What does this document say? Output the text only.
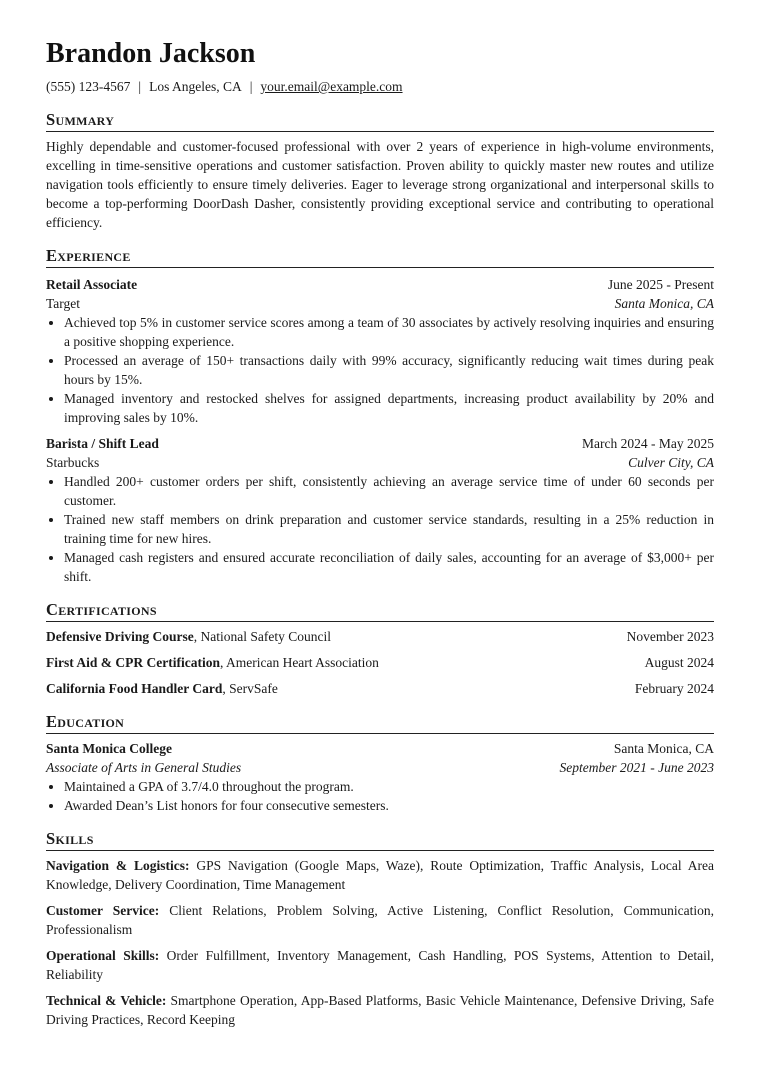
Brandon Jackson
(555) 123-4567 | Los Angeles, CA | your.email@example.com
Summary
Highly dependable and customer-focused professional with over 2 years of experience in high-volume environments, excelling in time-sensitive operations and customer satisfaction. Proven ability to quickly master new routes and utilize navigation tools efficiently to ensure timely deliveries. Eager to leverage strong organizational and interpersonal skills to become a top-performing DoorDash Dasher, consistently providing exceptional service and contributing to operational efficiency.
Experience
Retail Associate	June 2025 - Present
Target	Santa Monica, CA
• Achieved top 5% in customer service scores among a team of 30 associates by actively resolving inquiries and ensuring a positive shopping experience.
• Processed an average of 150+ transactions daily with 99% accuracy, significantly reducing wait times during peak hours by 15%.
• Managed inventory and restocked shelves for assigned departments, increasing product availability by 20% and improving sales by 10%.
Barista / Shift Lead	March 2024 - May 2025
Starbucks	Culver City, CA
• Handled 200+ customer orders per shift, consistently achieving an average service time of under 60 seconds per customer.
• Trained new staff members on drink preparation and customer service standards, resulting in a 25% reduction in training time for new hires.
• Managed cash registers and ensured accurate reconciliation of daily sales, accounting for an average of $3,000+ per shift.
Certifications
Defensive Driving Course, National Safety Council	November 2023
First Aid & CPR Certification, American Heart Association	August 2024
California Food Handler Card, ServSafe	February 2024
Education
Santa Monica College	Santa Monica, CA
Associate of Arts in General Studies	September 2021 - June 2023
• Maintained a GPA of 3.7/4.0 throughout the program.
• Awarded Dean’s List honors for four consecutive semesters.
Skills
Navigation & Logistics: GPS Navigation (Google Maps, Waze), Route Optimization, Traffic Analysis, Local Area Knowledge, Delivery Coordination, Time Management
Customer Service: Client Relations, Problem Solving, Active Listening, Conflict Resolution, Communication, Professionalism
Operational Skills: Order Fulfillment, Inventory Management, Cash Handling, POS Systems, Attention to Detail, Reliability
Technical & Vehicle: Smartphone Operation, App-Based Platforms, Basic Vehicle Maintenance, Defensive Driving, Safe Driving Practices, Record Keeping
